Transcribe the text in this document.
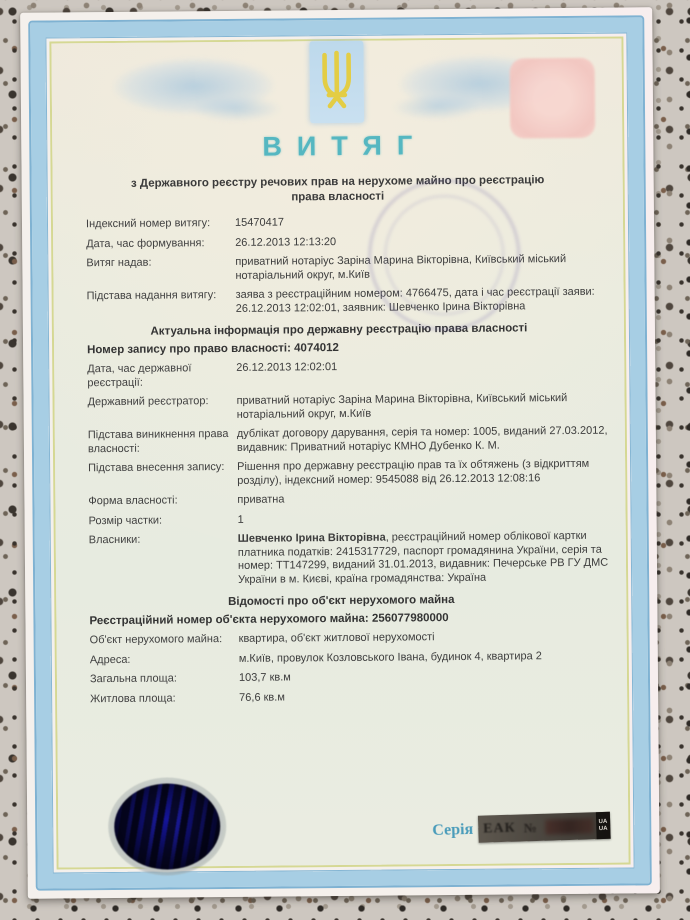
ВИТЯГ
з Державного реєстру речових прав на нерухоме майно про реєстрацію права власності
Індексний номер витягу:	15470417
Дата, час формування:	26.12.2013 12:13:20
Витяг надав:	приватний нотаріус Заріна Марина Вікторівна, Київський міський нотаріальний округ, м.Київ
Підстава надання витягу:	заява з реєстраційним номером: 4766475, дата і час реєстрації заяви: 26.12.2013 12:02:01, заявник: Шевченко Ірина Вікторівна
Актуальна інформація про державну реєстрацію права власності
Номер запису про право власності: 4074012
Дата, час державної реєстрації:
26.12.2013 12:02:01
Державний реєстратор:	приватний нотаріус Заріна Марина Вікторівна, Київський міський нотаріальний округ, м.Київ
Підстава виникнення права власності:
дублікат договору дарування, серія та номер: 1005, виданий 27.03.2012, видавник: Приватний нотаріус КМНО Дубенко К. М.
Підстава внесення запису:	Рішення про державну реєстрацію прав та їх обтяжень (з відкриттям розділу), індексний номер: 9545088 від 26.12.2013 12:08:16
Форма власності:	приватна
Розмір частки:	1
Власники:	Шевченко Ірина Вікторівна, реєстраційний номер облікової картки платника податків: 2415317729, паспорт громадянина України, серія та номер: ТТ147299, виданий 31.01.2013, видавник: Печерське РВ ГУ ДМС України в м. Києві, країна громадянства: Україна
Відомості про об'єкт нерухомого майна
Реєстраційний номер об'єкта нерухомого майна: 256077980000
Об'єкт нерухомого майна:	квартира, об'єкт житлової нерухомості
Адреса:	м.Київ, провулок Козловського Івана, будинок 4, квартира 2
Загальна площа:	103,7 кв.м
Житлова площа:	76,6 кв.м
Серія ЕАК №	UA
UA
